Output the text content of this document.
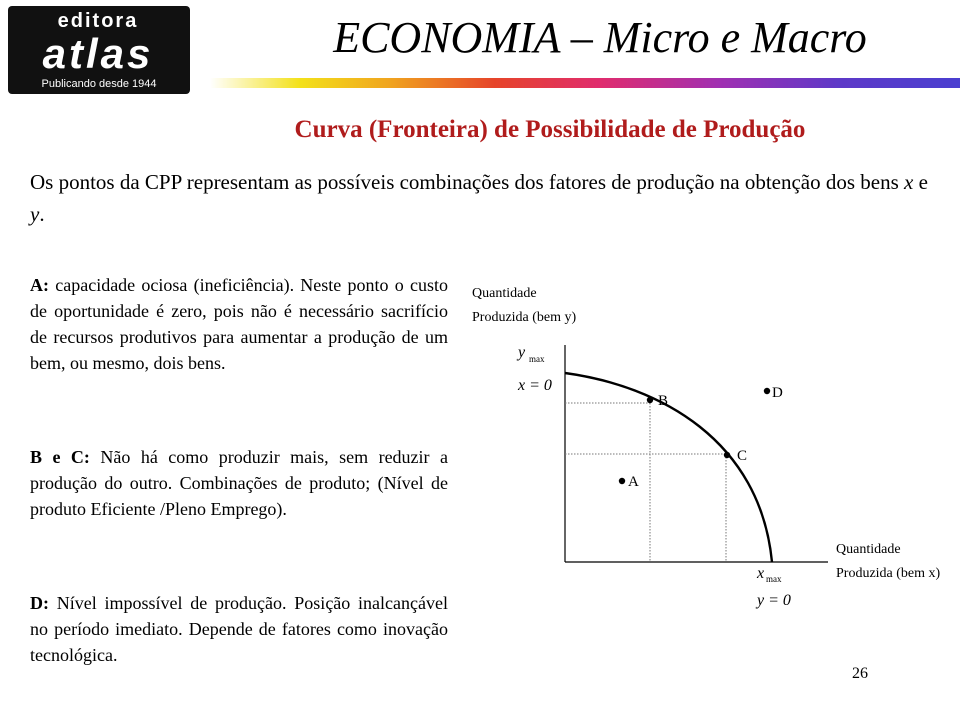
editora
atlas
Publicando desde 1944
ECONOMIA – Micro e Macro
Curva (Fronteira) de Possibilidade de Produção
Os pontos da CPP representam as possíveis combinações dos fatores de produção na obtenção dos bens x e y.
A: capacidade ociosa (ineficiência). Neste ponto o custo de oportunidade é zero, pois não é necessário sacrifício de recursos produtivos para aumentar a produção de um bem, ou mesmo, dois bens.
B e C: Não há como produzir mais, sem reduzir a produção do outro. Combinações de produto; (Nível de produto Eficiente /Pleno Emprego).
D: Nível impossível de produção. Posição inalcançável no período imediato. Depende de fatores como inovação tecnológica.
Quantidade
Produzida (bem y)
y max
x = 0
Quantidade
Produzida (bem x)
x max
y = 0
B
C
A
D
26
